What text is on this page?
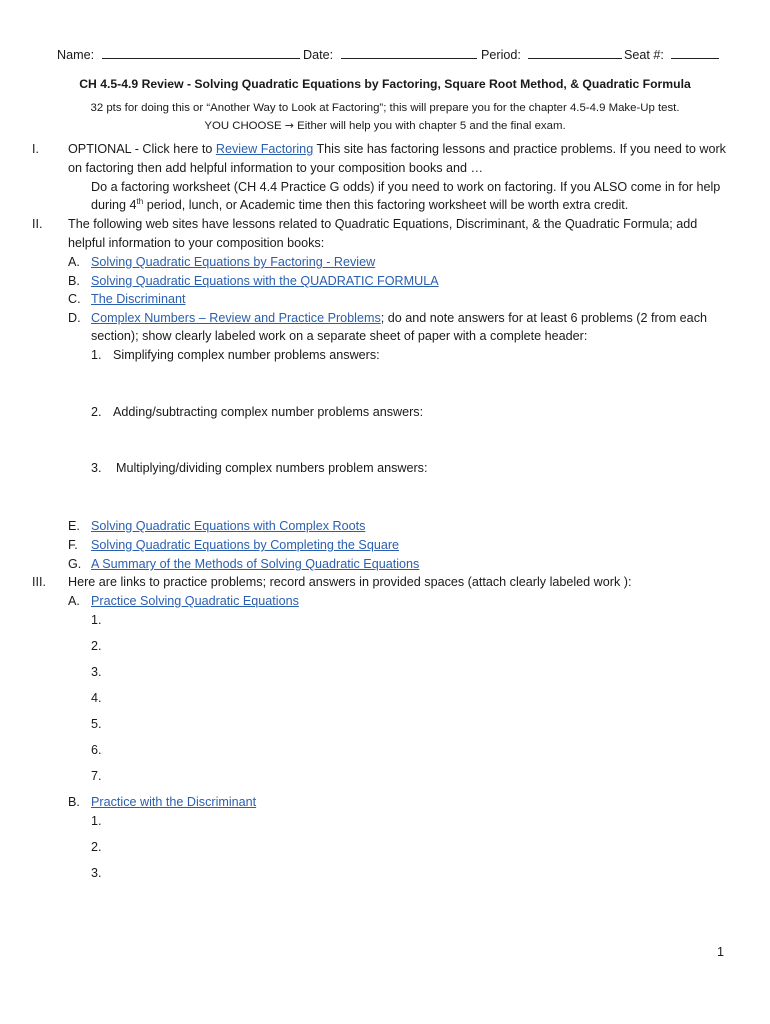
Name:	Date:	Period:	Seat #:
CH 4.5-4.9 Review - Solving Quadratic Equations by Factoring, Square Root Method, & Quadratic Formula
32 pts for doing this or “Another Way to Look at Factoring”; this will prepare you for the chapter 4.5-4.9 Make-Up test.
YOU CHOOSE → Either will help you with chapter 5 and the final exam.
I. OPTIONAL - Click here to Review Factoring This site has factoring lessons and practice problems. If you need to work
on factoring then add helpful information to your composition books and …
Do a factoring worksheet (CH 4.4 Practice G odds) if you need to work on factoring. If you ALSO come in for help
during 4th period, lunch, or Academic time then this factoring worksheet will be worth extra credit.
II. The following web sites have lessons related to Quadratic Equations, Discriminant, & the Quadratic Formula; add
helpful information to your composition books:
A. Solving Quadratic Equations by Factoring - Review
B. Solving Quadratic Equations with the QUADRATIC FORMULA
C. The Discriminant
D. Complex Numbers – Review and Practice Problems; do and note answers for at least 6 problems (2 from each
section); show clearly labeled work on a separate sheet of paper with a complete header:
1. Simplifying complex number problems answers:
2. Adding/subtracting complex number problems answers:
3. Multiplying/dividing complex numbers problem answers:
E. Solving Quadratic Equations with Complex Roots
F. Solving Quadratic Equations by Completing the Square
G. A Summary of the Methods of Solving Quadratic Equations
III. Here are links to practice problems; record answers in provided spaces (attach clearly labeled work ):
A. Practice Solving Quadratic Equations
1.
2.
3.
4.
5.
6.
7.
B. Practice with the Discriminant
1.
2.
3.
1
